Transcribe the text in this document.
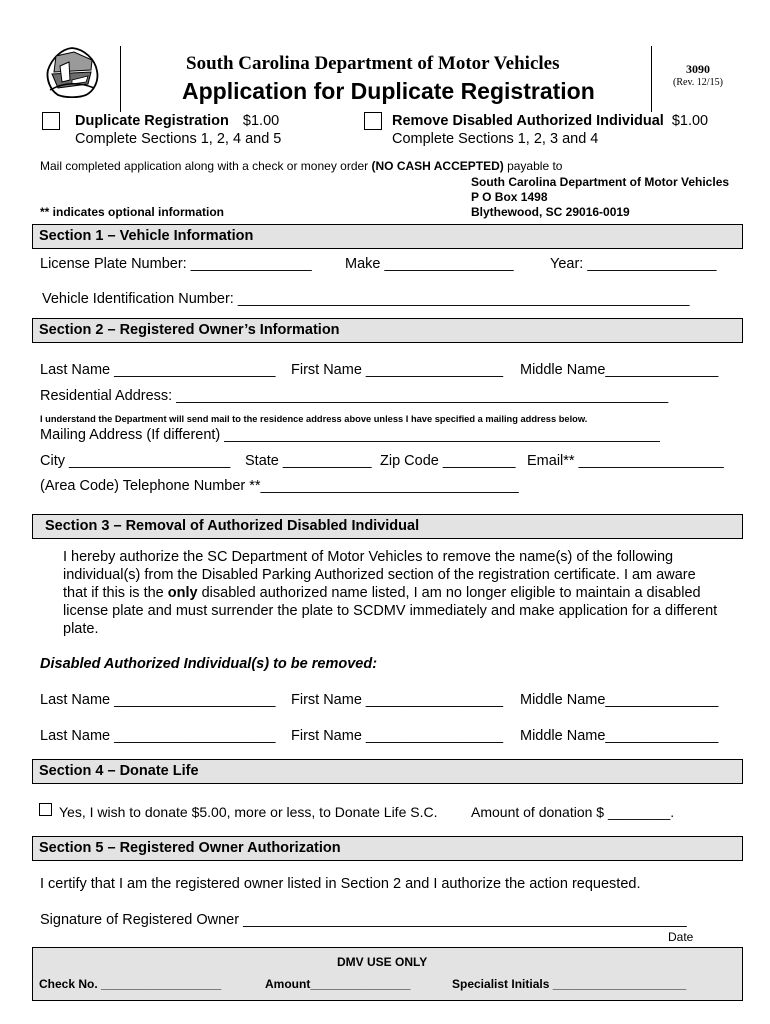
South Carolina Department of Motor Vehicles
Application for Duplicate Registration
3090
(Rev. 12/15)
Duplicate Registration $1.00
Complete Sections 1, 2, 4 and 5
Remove Disabled Authorized Individual $1.00
Complete Sections 1, 2, 3 and 4
Mail completed application along with a check or money order (NO CASH ACCEPTED) payable to
South Carolina Department of Motor Vehicles
P O Box 1498
Blythewood, SC 29016-0019
** indicates optional information
Section 1 – Vehicle Information
License Plate Number: _______________ Make ________________	Year: ________________
Vehicle Identification Number: ________________________________________________________
Section 2 – Registered Owner’s Information
Last Name ____________________ First Name _________________ Middle Name______________
Residential Address: _____________________________________________________________
I understand the Department will send mail to the residence address above unless I have specified a mailing address below.
Mailing Address (If different) ______________________________________________________
City ____________________ State ___________ Zip Code _________ Email** __________________
(Area Code) Telephone Number **________________________________
Section 3 – Removal of Authorized Disabled Individual
I hereby authorize the SC Department of Motor Vehicles to remove the name(s) of the following individual(s) from the Disabled Parking Authorized section of the registration certificate. I am aware that if this is the only disabled authorized name listed, I am no longer eligible to maintain a disabled license plate and must surrender the plate to SCDMV immediately and make application for a different plate.
Disabled Authorized Individual(s) to be removed:
Last Name ____________________ First Name _________________ Middle Name______________
Last Name ____________________ First Name _________________ Middle Name______________
Section 4 – Donate Life
Yes, I wish to donate $5.00, more or less, to Donate Life S.C. Amount of donation $ ________.
Section 5 – Registered Owner Authorization
I certify that I am the registered owner listed in Section 2 and I authorize the action requested.
Signature of Registered Owner _______________________________________________________
Date
DMV USE ONLY
Check No. __________________	Amount_______________	Specialist Initials ____________________
